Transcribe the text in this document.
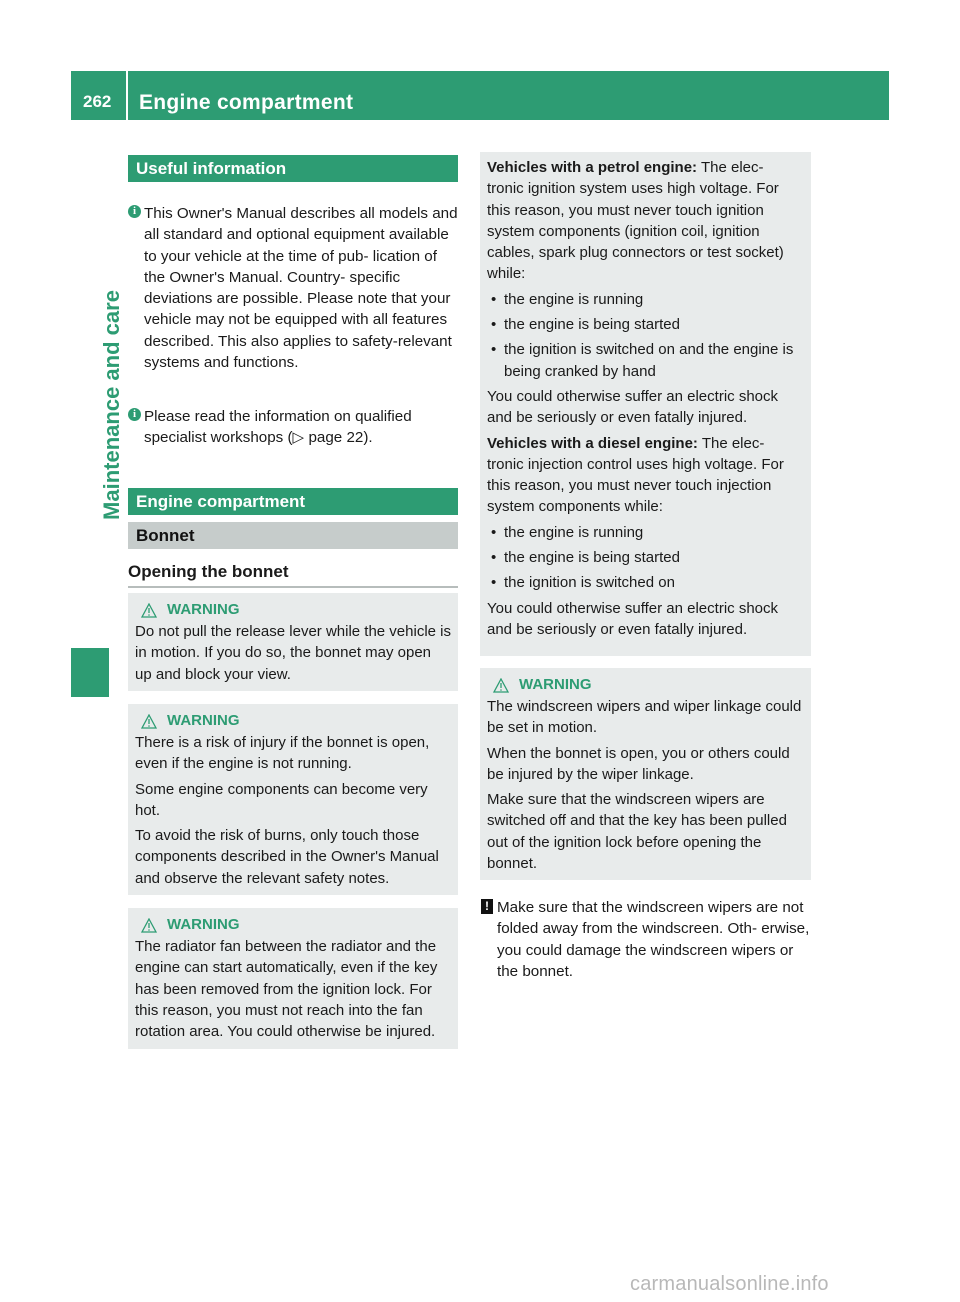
262 Engine compartment
Maintenance and care
Useful information
i This Owner's Manual describes all models and all standard and optional equipment available to your vehicle at the time of pub- lication of the Owner's Manual. Country- specific deviations are possible. Please note that your vehicle may not be equipped with all features described. This also applies to safety-relevant systems and functions.
i Please read the information on qualified specialist workshops (▷ page 22).
Engine compartment
Bonnet
Opening the bonnet
WARNING

Do not pull the release lever while the vehicle is in motion. If you do so, the bonnet may open up and block your view.

WARNING

There is a risk of injury if the bonnet is open, even if the engine is not running.

Some engine components can become very hot.

To avoid the risk of burns, only touch those components described in the Owner's Manual and observe the relevant safety notes.

WARNING

The radiator fan between the radiator and the engine can start automatically, even if the key has been removed from the ignition lock. For this reason, you must not reach into the fan rotation area. You could otherwise be injured.

Vehicles with a petrol engine: The elec- tronic ignition system uses high voltage. For this reason, you must never touch ignition system components (ignition coil, ignition cables, spark plug connectors or test socket) while:

• the engine is running
• the engine is being started
• the ignition is switched on and the engine is being cranked by hand

You could otherwise suffer an electric shock and be seriously or even fatally injured.

Vehicles with a diesel engine: The elec- tronic injection control uses high voltage. For this reason, you must never touch injection system components while:

• the engine is running
• the engine is being started
• the ignition is switched on

You could otherwise suffer an electric shock and be seriously or even fatally injured.

WARNING

The windscreen wipers and wiper linkage could be set in motion.

When the bonnet is open, you or others could be injured by the wiper linkage.

Make sure that the windscreen wipers are switched off and that the key has been pulled out of the ignition lock before opening the bonnet.

! Make sure that the windscreen wipers are not folded away from the windscreen. Oth- erwise, you could damage the windscreen wipers or the bonnet.
carmanualsonline.info
